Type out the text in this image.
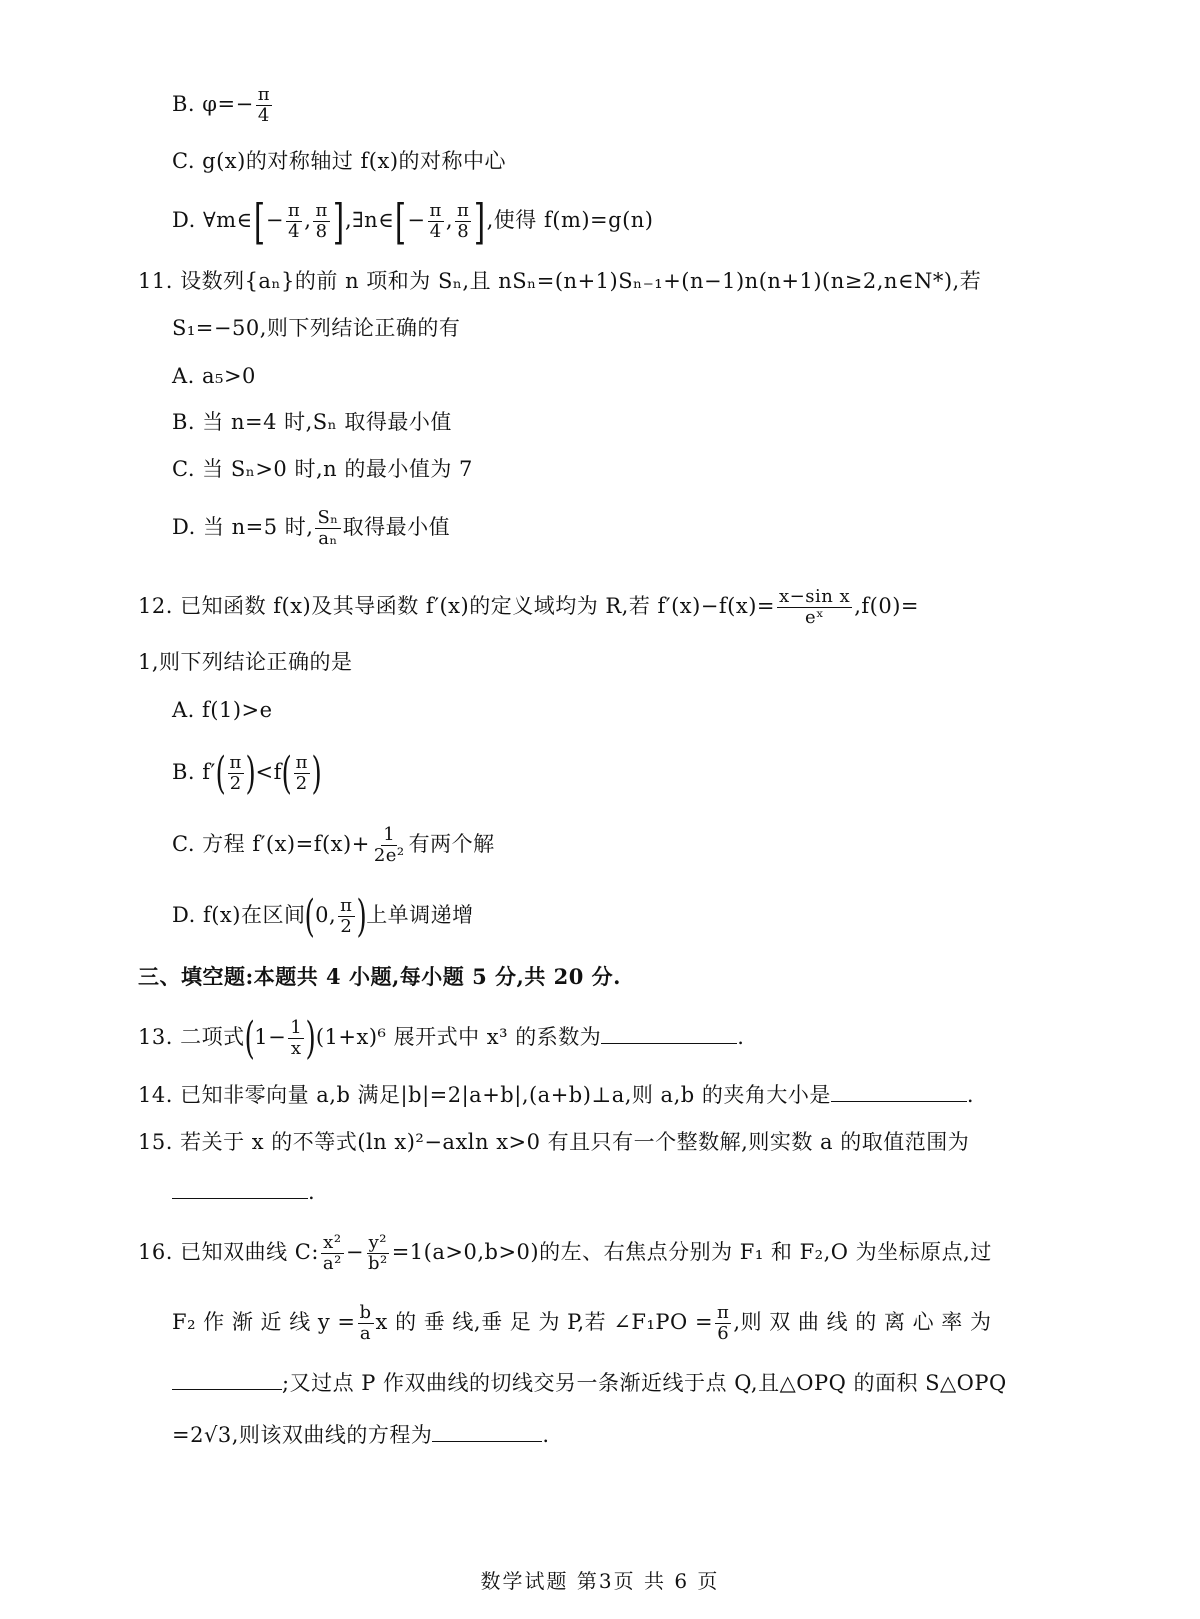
B. $\varphi=- \frac{\pi}{4}$
C. g(x)的对称轴过 f(x)的对称中心
D. ∀m∈[− $\frac{\pi}{4}$ , $\frac{\pi}{8}$ ],∃n∈[− $\frac{\pi}{4}$ , $\frac{\pi}{8}$ ],使得 f(m)=g(n)
11. 设数列{aₙ}的前 n 项和为 Sₙ,且 nSₙ=(n+1)Sₙ₋₁+(n−1)n(n+1)(n≥2,n∈N*),若
S₁=−50,则下列结论正确的有
A. a₅>0
B. 当 n=4 时,Sₙ 取得最小值
C. 当 Sₙ>0 时,n 的最小值为 7
D. 当 n=5 时, $\frac{\text{Sₙ}}{\text{aₙ}}$ 取得最小值
12. 已知函数 f(x)及其导函数 f′(x)的定义域均为 R,若 $f'(x)-f(x)= \frac{\text{x−sin x}}{\text{eˣ}} ,f(0)=$
1,则下列结论正确的是
A. f(1)>e
B. $f'( \frac{\pi}{2} )<f( \frac{\pi}{2}$ )
C. 方程 $f'(x)=f(x)+ \frac{1}{\text{2e²}}$ 有两个解
D. f(x)在区间(0, $\frac{\pi}{2}$ )上单调递增
三、填空题:本题共 4 小题,每小题 5 分,共 20 分.
13. 二项式$(1- \frac{1}{x} )(1+x)^6$ 展开式中 x³ 的系数为	.
14. 已知非零向量 a,b 满足|b|=2|a+b|,(a+b)⊥a,则 a,b 的夹角大小是	.
15. 若关于 x 的不等式(ln x)²−axln x>0 有且只有一个整数解,则实数 a 的取值范围为
.
16. 已知双曲线 C: $\frac{\text{x²}}{\text{a²}} - \frac{\text{y²}}{\text{b²}} =1(a>0,b>0)$的左、右焦点分别为 F₁ 和 F₂,O 为坐标原点,过
F₂ 作 渐 近 线 $y = \frac{b}{a}$ x 的 垂 线,垂 足 为 P,若 ∠F₁PO = $\frac{\pi}{6}$ ,则 双 曲 线 的 离 心 率 为
;又过点 P 作双曲线的切线交另一条渐近线于点 Q,且△OPQ 的面积 S△OPQ
=2√3,则该双曲线的方程为	.
数学试题 第3页 共 6 页
